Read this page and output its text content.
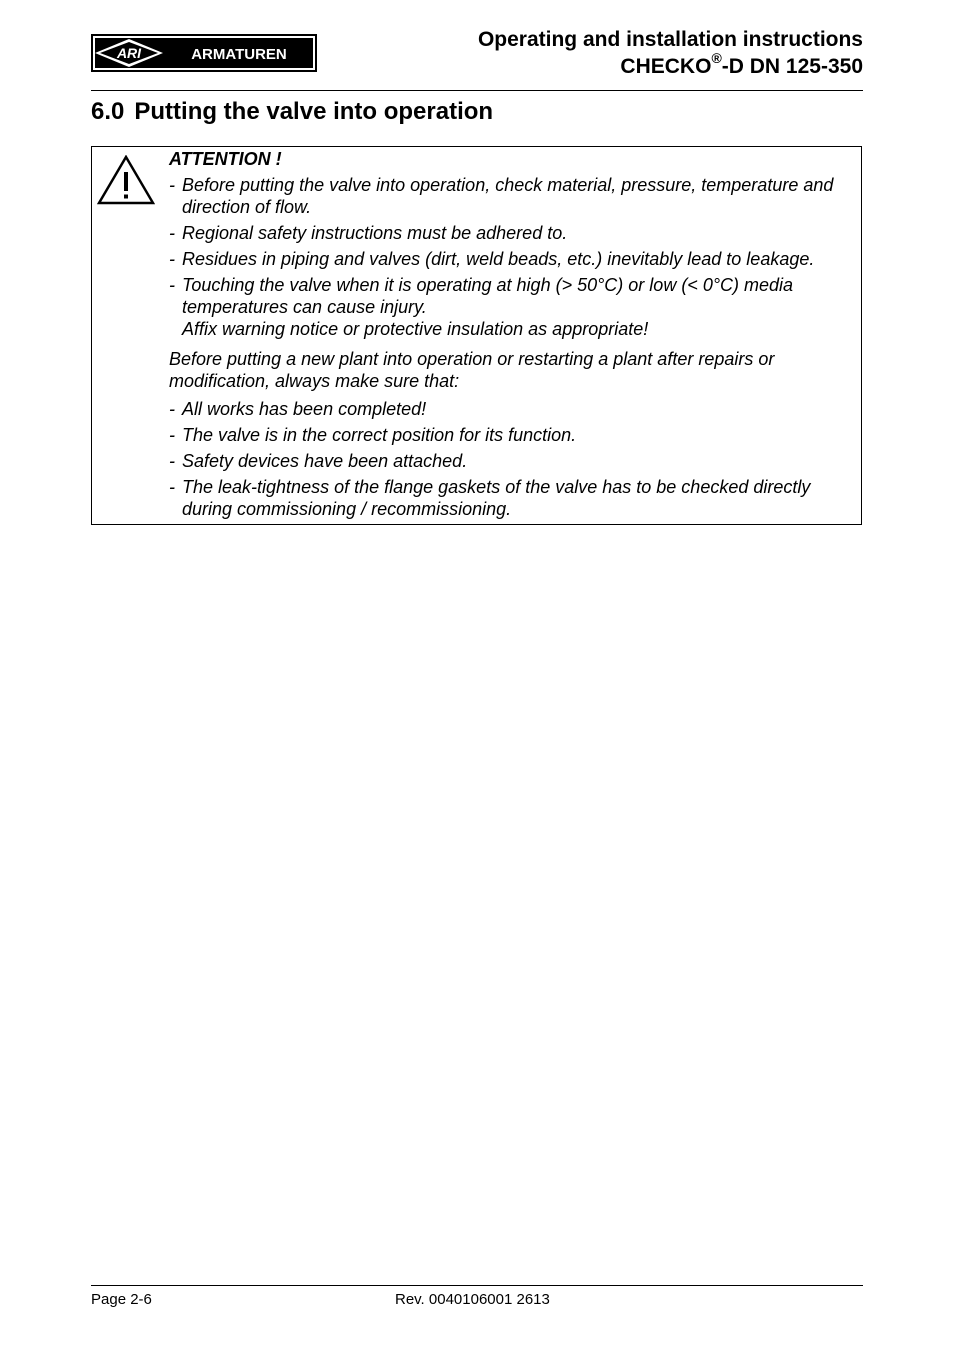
ARI	ARMATUREN
Operating and installation instructions
CHECKO®-D DN 125-350
6.0 Putting the valve into operation
ATTENTION !
- Before putting the valve into operation, check material, pressure, temperature and direction of flow.
- Regional safety instructions must be adhered to.
- Residues in piping and valves (dirt, weld beads, etc.) inevitably lead to leakage.
- Touching the valve when it is operating at high (> 50°C) or low (< 0°C) media temperatures can cause injury.
Affix warning notice or protective insulation as appropriate!
Before putting a new plant into operation or restarting a plant after repairs or modification, always make sure that:
- All works has been completed!
- The valve is in the correct position for its function.
- Safety devices have been attached.
- The leak-tightness of the flange gaskets of the valve has to be checked directly during commissioning / recommissioning.
Page 2-6	Rev. 0040106001 2613
